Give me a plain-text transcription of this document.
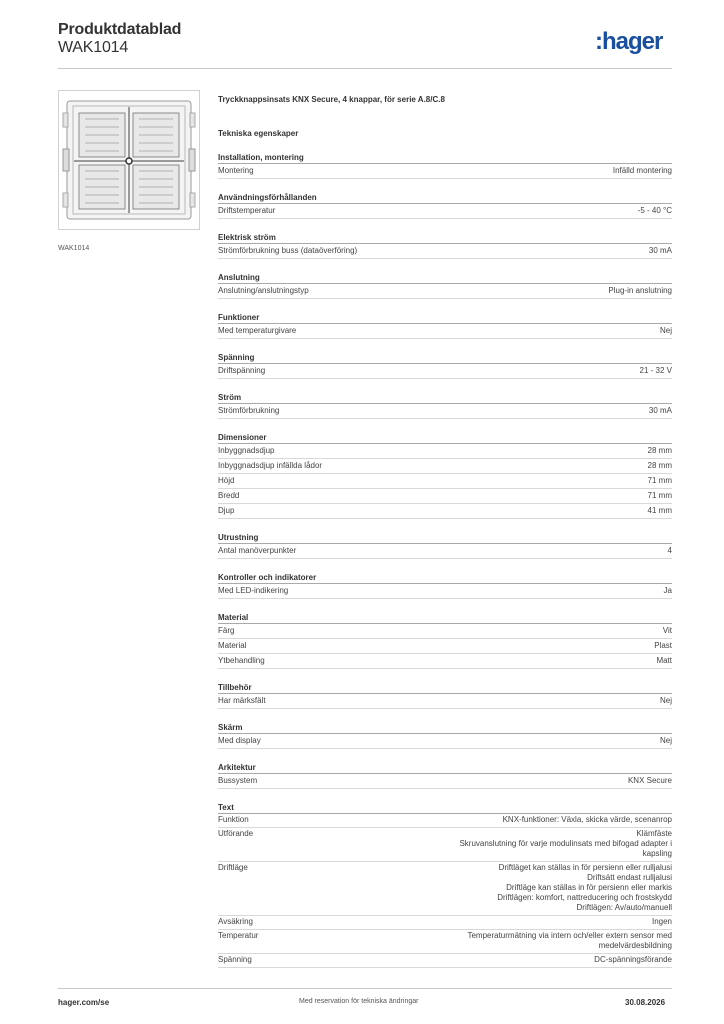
Produktdatablad
WAK1014	:hager
WAK1014
Tryckknappsinsats KNX Secure, 4 knappar, för serie A.8/C.8
Tekniska egenskaper
Installation, montering
Montering	Infälld montering
Användningsförhållanden
Driftstemperatur	-5 - 40 °C
Elektrisk ström
Strömförbrukning buss (dataöverföring)	30 mA
Anslutning
Anslutning/anslutningstyp	Plug-in anslutning
Funktioner
Med temperaturgivare	Nej
Spänning
Driftspänning	21 - 32 V
Ström
Strömförbrukning	30 mA
Dimensioner
Inbyggnadsdjup	28 mm
Inbyggnadsdjup infällda lådor	28 mm
Höjd	71 mm
Bredd	71 mm
Djup	41 mm
Utrustning
Antal manöverpunkter	4
Kontroller och indikatorer
Med LED-indikering	Ja
Material
Färg	Vit
Material	Plast
Ytbehandling	Matt
Tillbehör
Har märksfält	Nej
Skärm
Med display	Nej
Arkitektur
Bussystem	KNX Secure
Text
Funktion	KNX-funktioner: Växla, skicka värde, scenanrop
Utförande	Klämfäste
Skruvanslutning för varje modulinsats med bifogad adapter i
kapsling
Driftläge	Driftläget kan ställas in för persienn eller rulljalusi
Driftsätt endast rulljalusi
Driftläge kan ställas in för persienn eller markis
Driftlägen: komfort, nattreducering och frostskydd
Driftlägen: Av/auto/manuell
Avsäkring	Ingen
Temperatur	Temperaturmätning via intern och/eller extern sensor med
medelvärdesbildning
Spänning	DC-spänningsförande
hager.com/se	Med reservation för tekniska ändringar	30.08.2026
